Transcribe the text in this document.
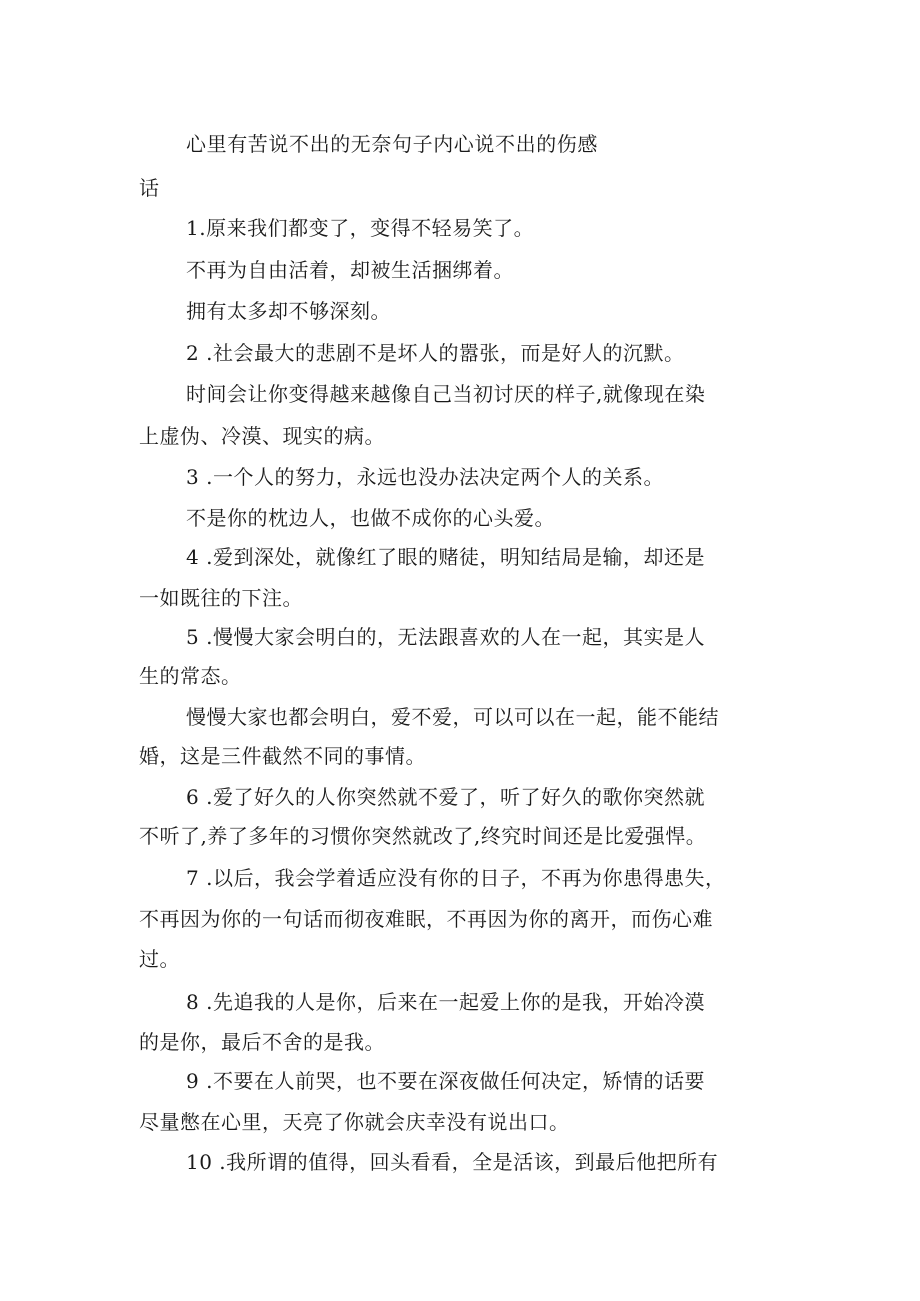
心里有苦说不出的无奈句子内心说不出的伤感
话
1.原来我们都变了，变得不轻易笑了。
不再为自由活着，却被生活捆绑着。
拥有太多却不够深刻。
2 .社会最大的悲剧不是坏人的嚣张，而是好人的沉默。
时间会让你变得越来越像自己当初讨厌的样子,就像现在染
上虚伪、冷漠、现实的病。
3 .一个人的努力，永远也没办法决定两个人的关系。
不是你的枕边人，也做不成你的心头爱。
4 .爱到深处，就像红了眼的赌徒，明知结局是输，却还是
一如既往的下注。
5 .慢慢大家会明白的，无法跟喜欢的人在一起，其实是人
生的常态。
慢慢大家也都会明白，爱不爱，可以可以在一起，能不能结
婚，这是三件截然不同的事情。
6 .爱了好久的人你突然就不爱了，听了好久的歌你突然就
不听了,养了多年的习惯你突然就改了,终究时间还是比爱强悍。
7 .以后，我会学着适应没有你的日子，不再为你患得患失，
不再因为你的一句话而彻夜难眠，不再因为你的离开，而伤心难
过。
8 .先追我的人是你，后来在一起爱上你的是我，开始冷漠
的是你，最后不舍的是我。
9 .不要在人前哭，也不要在深夜做任何决定，矫情的话要
尽量憋在心里，天亮了你就会庆幸没有说出口。
10 .我所谓的值得，回头看看，全是活该，到最后他把所有
